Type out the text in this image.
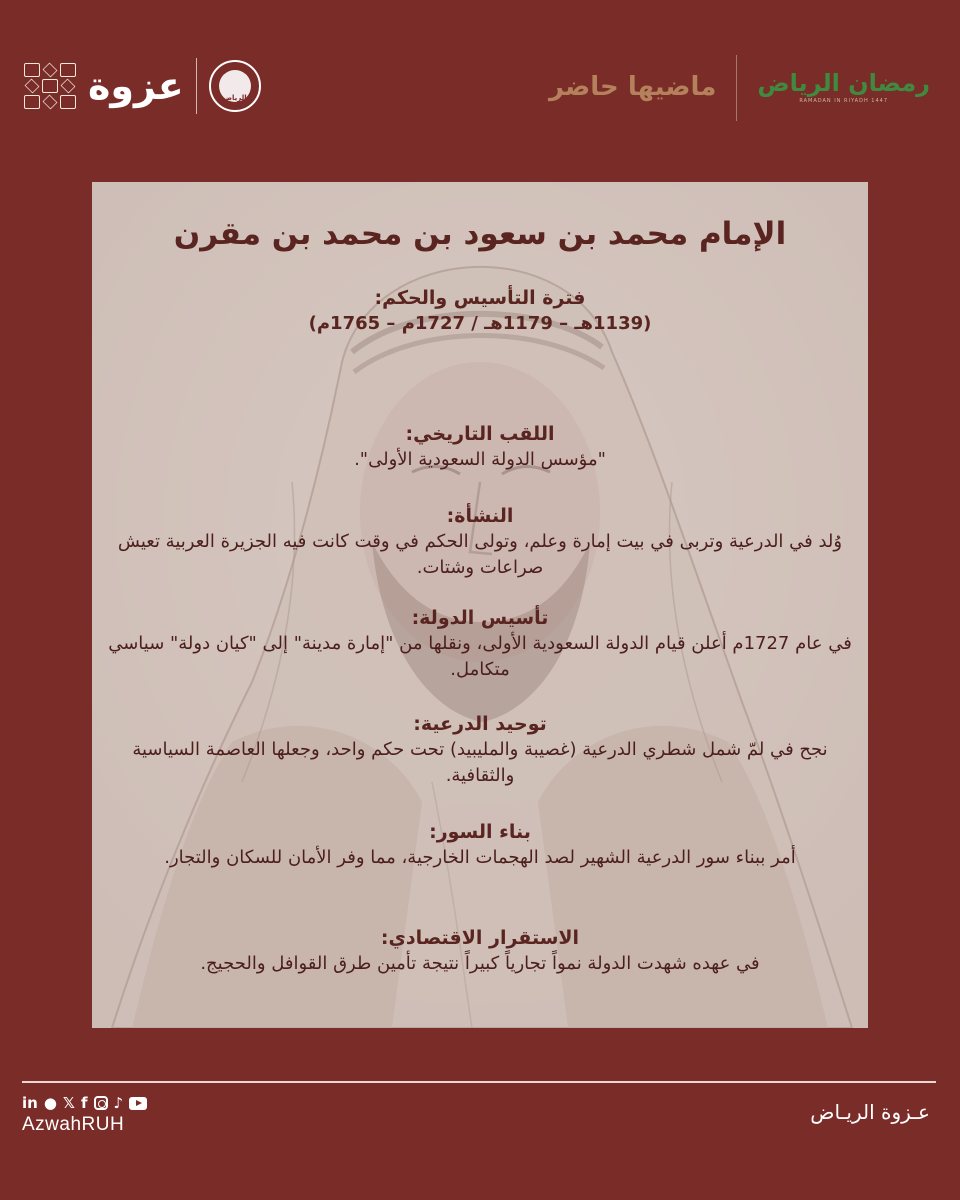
عزوة	الرياض	ماضيها حاضر رمضان الرياض
RAMADAN IN RIYADH 1447
الإمام محمد بن سعود بن محمد بن مقرن
فترة التأسيس والحكم:
(1139هـ – 1179هـ / 1727م – 1765م)
اللقب التاريخي:

"مؤسس الدولة السعودية الأولى".

النشأة:

وُلد في الدرعية وتربى في بيت إمارة وعلم، وتولى الحكم في وقت كانت فيه الجزيرة العربية تعيش صراعات وشتات.

تأسيس الدولة:

في عام 1727م أعلن قيام الدولة السعودية الأولى، ونقلها من "إمارة مدينة" إلى "كيان دولة" سياسي متكامل.

توحيد الدرعية:

نجح في لمّ شمل شطري الدرعية (غصيبة والمليبيد) تحت حكم واحد، وجعلها العاصمة السياسية والثقافية.

بناء السور:

أمر ببناء سور الدرعية الشهير لصد الهجمات الخارجية، مما وفر الأمان للسكان والتجار.

الاستقرار الاقتصادي:

في عهده شهدت الدولة نمواً تجارياً كبيراً نتيجة تأمين طرق القوافل والحجيج.

in ● 𝕏 f ♪
AzwahRUH
عـزوة الريـاض
